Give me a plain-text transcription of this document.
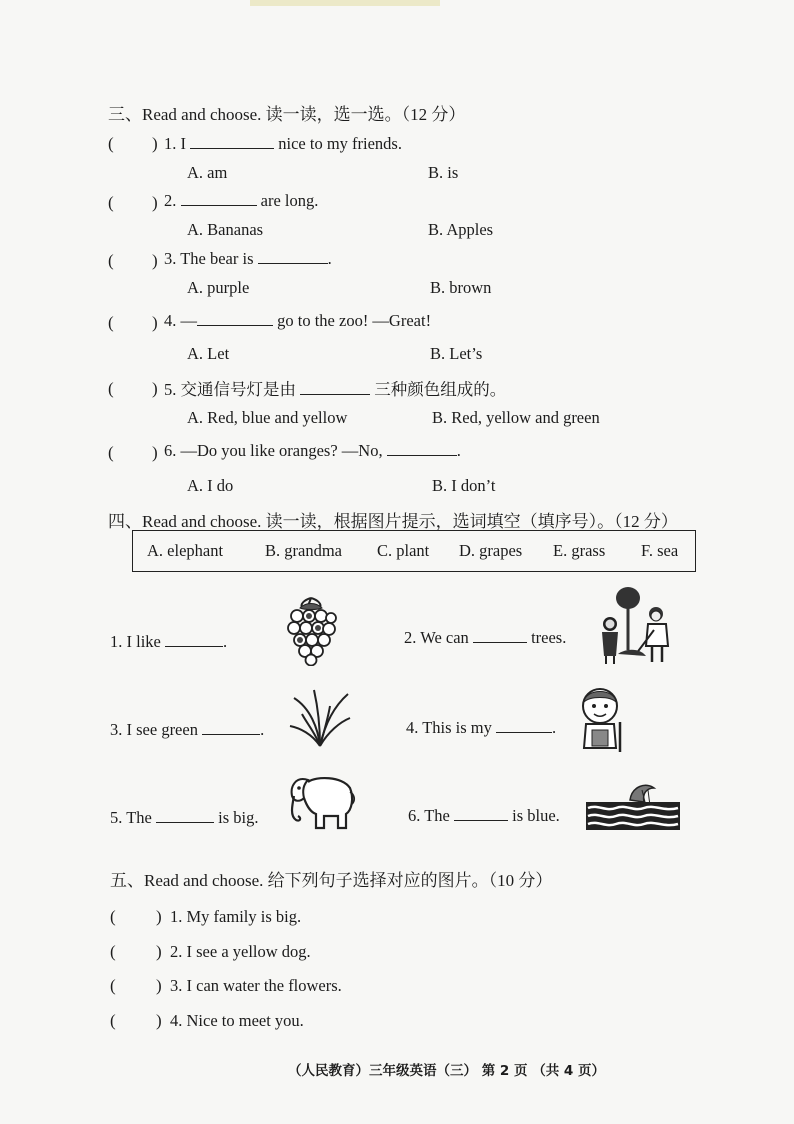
三、Read and choose. 读一读，选一选。（12 分）
( ) 1. I	nice to my friends.
A. am	B. is
( ) 2.	are long.
A. Bananas	B. Apples
( ) 3. The bear is	.
A. purple	B. brown
( ) 4. —	go to the zoo! —Great!
A. Let	B. Let’s
( ) 5. 交通信号灯是由	三种颜色组成的。
A. Red, blue and yellow	B. Red, yellow and green
( ) 6. —Do you like oranges? —No,	.
A. I do	B. I don’t
四、Read and choose. 读一读，根据图片提示，选词填空（填序号）。（12 分）
A. elephant	B. grandma C. plant D. grapes E. grass F. sea
1. I like	.	2. We can	trees.
3. I see green	.	4. This is my	.
5. The	is big.	6. The	is blue.
五、Read and choose. 给下列句子选择对应的图片。（10 分）
( ) 1. My family is big.
( ) 2. I see a yellow dog.
( ) 3. I can water the flowers.
( ) 4. Nice to meet you.
（人民教育）三年级英语（三） 第 2 页 （共 4 页）
